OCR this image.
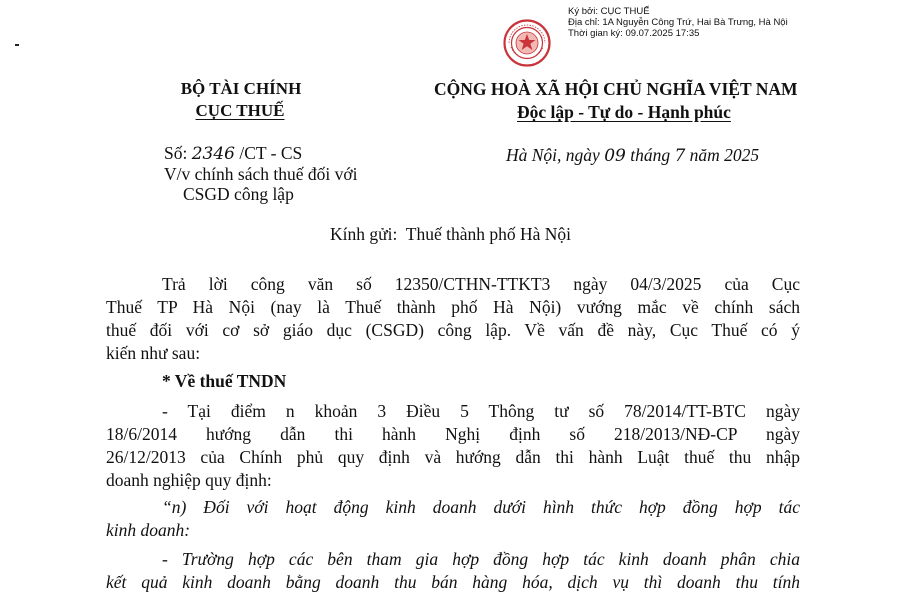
Ký bởi: CỤC THUẾ
Địa chỉ: 1A Nguyễn Công Trứ, Hai Bà Trưng, Hà Nội
Thời gian ký: 09.07.2025 17:35
BỘ TÀI CHÍNH
CỤC THUẾ
CỘNG HOÀ XÃ HỘI CHỦ NGHĨA VIỆT NAM
Độc lập - Tự do - Hạnh phúc
Số: 2346 /CT - CS
V/v chính sách thuế đối với
CSGD công lập
Hà Nội, ngày 09 tháng 7 năm 2025
Kính gửi:  Thuế thành phố Hà Nội
Trả lời công văn số 12350/CTHN-TTKT3 ngày 04/3/2025 của Cục
Thuế TP Hà Nội (nay là Thuế thành phố Hà Nội) vướng mắc về chính sách
thuế đối với cơ sở giáo dục (CSGD) công lập. Về vấn đề này, Cục Thuế có ý
kiến như sau:
* Về thuế TNDN
- Tại điểm n khoản 3 Điều 5 Thông tư số 78/2014/TT-BTC ngày
18/6/2014 hướng dẫn thi hành Nghị định số 218/2013/NĐ-CP ngày
26/12/2013 của Chính phủ quy định và hướng dẫn thi hành Luật thuế thu nhập
doanh nghiệp quy định:
“n) Đối với hoạt động kinh doanh dưới hình thức hợp đồng hợp tác
kinh doanh:
- Trường hợp các bên tham gia hợp đồng hợp tác kinh doanh phân chia
kết quả kinh doanh bằng doanh thu bán hàng hóa, dịch vụ thì doanh thu tính
